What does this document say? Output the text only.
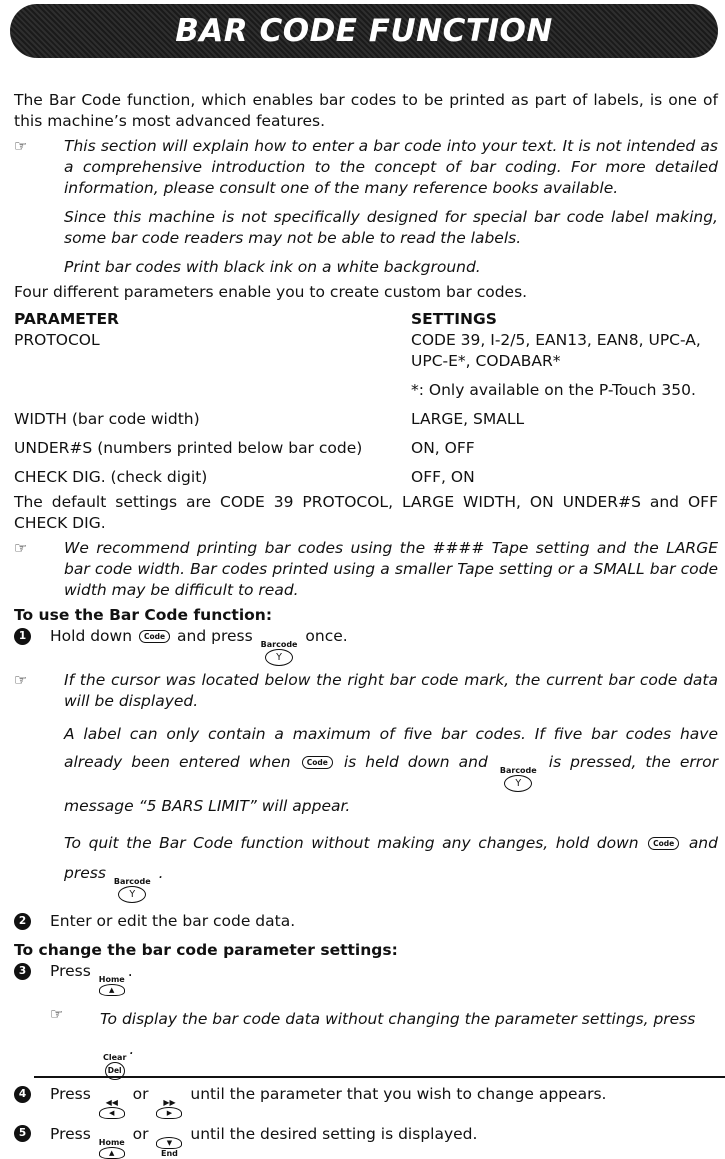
BAR CODE FUNCTION

The Bar Code function, which enables bar codes to be printed as part of labels, is one of this machine’s most advanced features.

☞ This section will explain how to enter a bar code into your text. It is not intended as a comprehensive introduction to the concept of bar coding. For more detailed information, please consult one of the many reference books available.

Since this machine is not specifically designed for special bar code label making, some bar code readers may not be able to read the labels.

Print bar codes with black ink on a white background.

Four different parameters enable you to create custom bar codes.

PARAMETER	SETTINGS
PROTOCOL	CODE 39, I-2/5, EAN13, EAN8, UPC-A, UPC-E*, CODABAR*
*: Only available on the P-Touch 350.
WIDTH (bar code width)	LARGE, SMALL
UNDER#S (numbers printed below bar code)	ON, OFF
CHECK DIG. (check digit)	OFF, ON

The default settings are CODE 39 PROTOCOL, LARGE WIDTH, ON UNDER#S and OFF CHECK DIG.

☞ We recommend printing bar codes using the #### Tape setting and the LARGE bar code width. Bar codes printed using a smaller Tape setting or a SMALL bar code width may be difficult to read.

To use the Bar Code function:

1	Hold down Code and press Barcode
Y
once.
☞ If the cursor was located below the right bar code mark, the current bar code data will be displayed.

A label can only contain a maximum of five bar codes. If five bar codes have already been entered when Code is held down and Barcode
Y
is pressed, the error message “5 BARS LIMIT” will appear.

To quit the Bar Code function without making any changes, hold down Code and press Barcode
Y
.

2	Enter or edit the bar code data.

To change the bar code parameter settings:

3	Press Home
▲
.
☞ To display the bar code data without changing the parameter settings, press
Clear
Del
.

4	Press ◀◀
◀
or ▶▶
▶
until the parameter that you wish to change appears.
5	Press Home
▲
or	▼
End
until the desired setting is displayed.
